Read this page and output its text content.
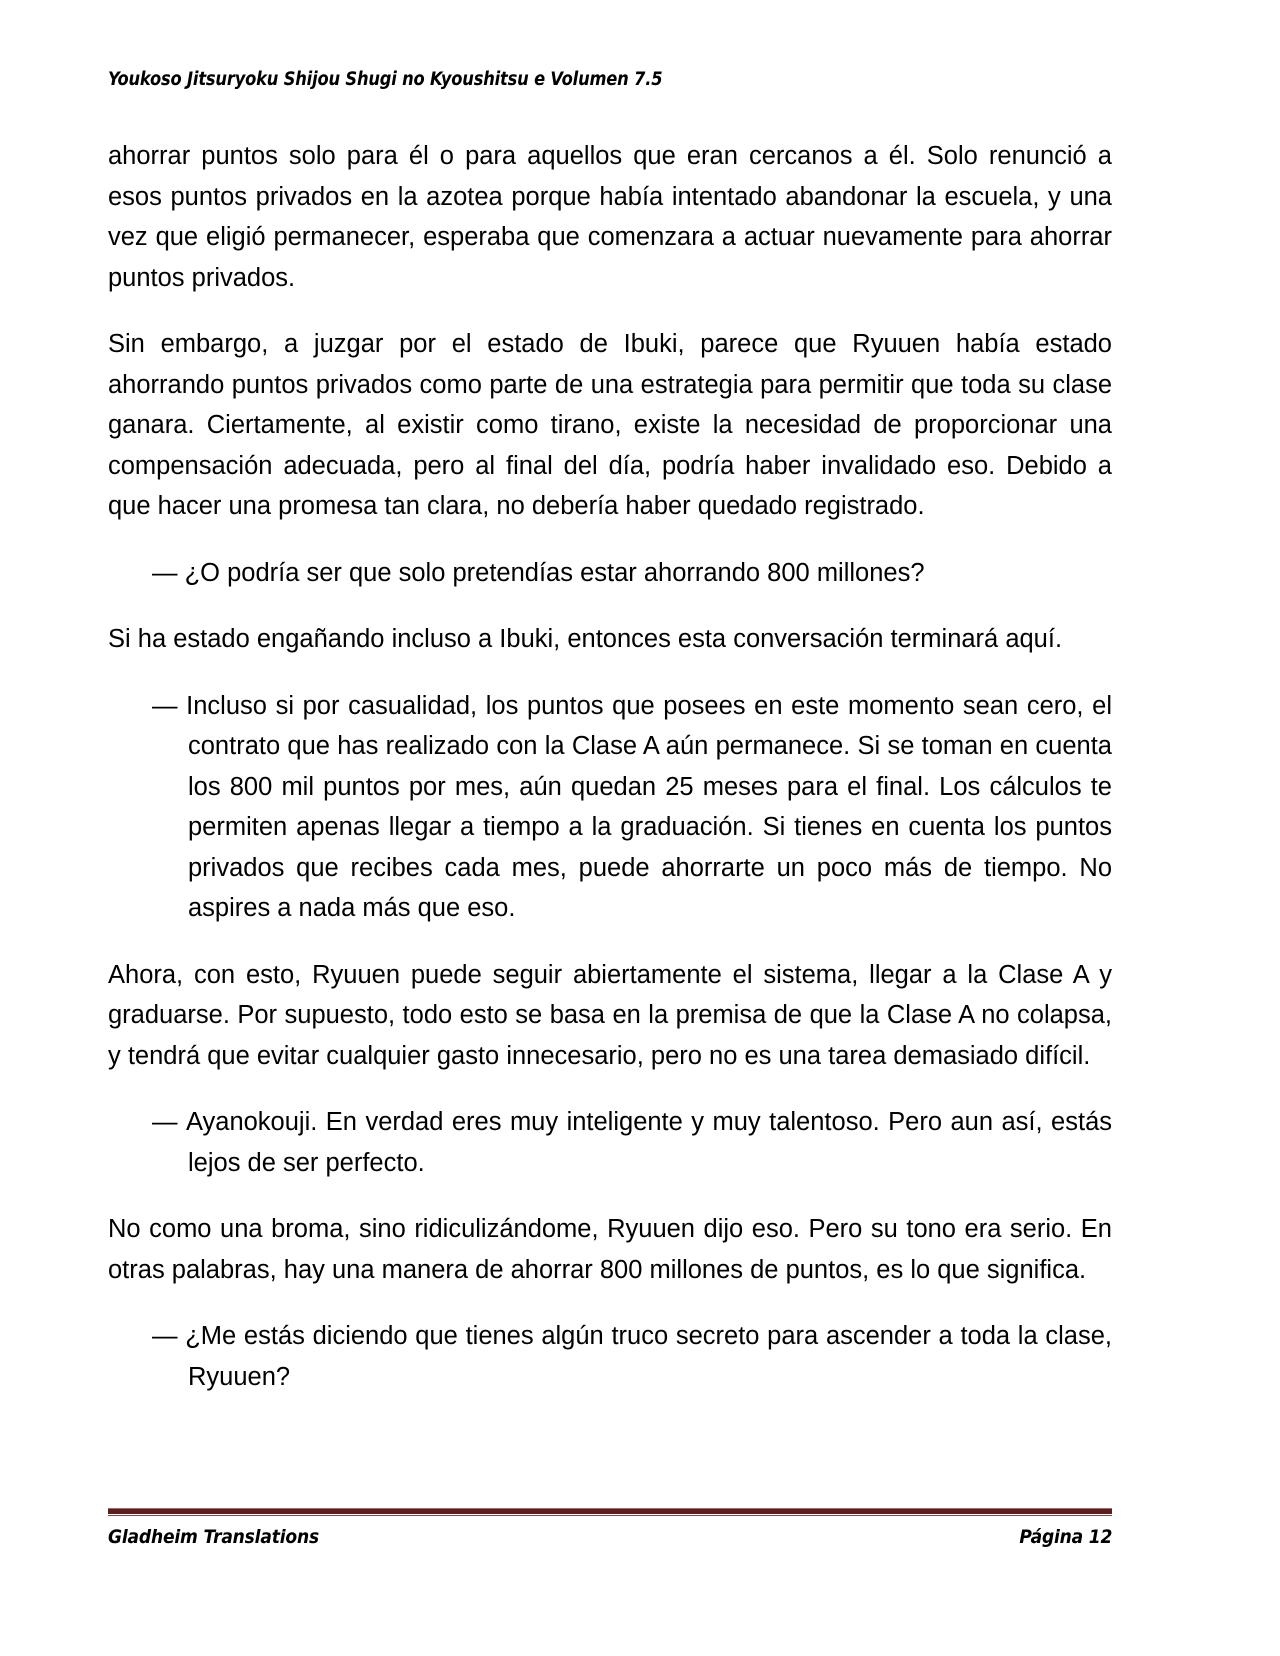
Youkoso Jitsuryoku Shijou Shugi no Kyoushitsu e Volumen 7.5

ahorrar puntos solo para él o para aquellos que eran cercanos a él. Solo renunció a esos puntos privados en la azotea porque había intentado abandonar la escuela, y una vez que eligió permanecer, esperaba que comenzara a actuar nuevamente para ahorrar puntos privados.

Sin embargo, a juzgar por el estado de Ibuki, parece que Ryuuen había estado ahorrando puntos privados como parte de una estrategia para permitir que toda su clase ganara. Ciertamente, al existir como tirano, existe la necesidad de proporcionar una compensación adecuada, pero al final del día, podría haber invalidado eso. Debido a que hacer una promesa tan clara, no debería haber quedado registrado.

— ¿O podría ser que solo pretendías estar ahorrando 800 millones?

Si ha estado engañando incluso a Ibuki, entonces esta conversación terminará aquí.

— Incluso si por casualidad, los puntos que posees en este momento sean cero, el contrato que has realizado con la Clase A aún permanece. Si se toman en cuenta los 800 mil puntos por mes, aún quedan 25 meses para el final. Los cálculos te permiten apenas llegar a tiempo a la graduación. Si tienes en cuenta los puntos privados que recibes cada mes, puede ahorrarte un poco más de tiempo. No aspires a nada más que eso.

Ahora, con esto, Ryuuen puede seguir abiertamente el sistema, llegar a la Clase A y graduarse. Por supuesto, todo esto se basa en la premisa de que la Clase A no colapsa, y tendrá que evitar cualquier gasto innecesario, pero no es una tarea demasiado difícil.

— Ayanokouji. En verdad eres muy inteligente y muy talentoso. Pero aun así, estás lejos de ser perfecto.

No como una broma, sino ridiculizándome, Ryuuen dijo eso. Pero su tono era serio. En otras palabras, hay una manera de ahorrar 800 millones de puntos, es lo que significa.

— ¿Me estás diciendo que tienes algún truco secreto para ascender a toda la clase, Ryuuen?

Gladheim Translations	Página 12
